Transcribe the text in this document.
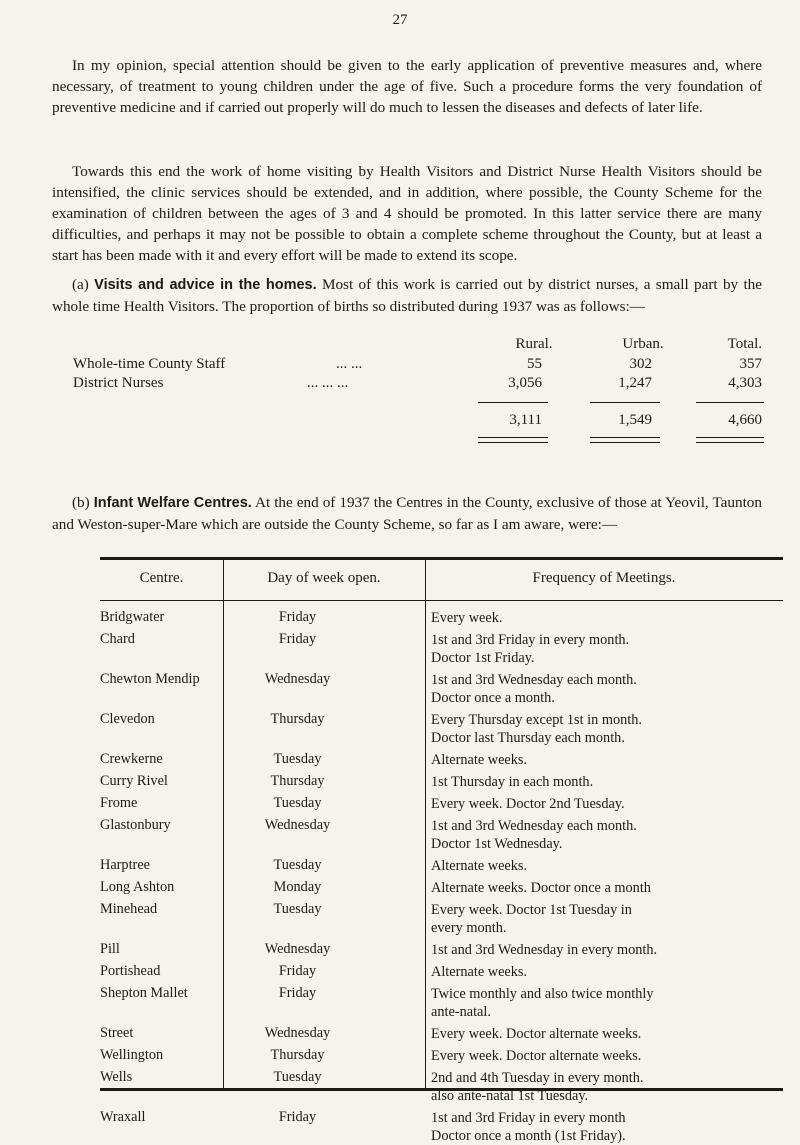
27

In my opinion, special attention should be given to the early application of preventive measures and, where necessary, of treatment to young children under the age of five. Such a procedure forms the very foundation of preventive medicine and if carried out properly will do much to lessen the diseases and defects of later life.

Towards this end the work of home visiting by Health Visitors and District Nurse Health Visitors should be intensified, the clinic services should be extended, and in addition, where possible, the County Scheme for the examination of children between the ages of 3 and 4 should be promoted. In this latter service there are many difficulties, and perhaps it may not be possible to obtain a complete scheme throughout the County, but at least a start has been made with it and every effort will be made to extend its scope.

(a) Visits and advice in the homes. Most of this work is carried out by district nurses, a small part by the whole time Health Visitors. The proportion of births so distributed during 1937 was as follows:—

Rural.	Urban.	Total.
Whole-time County Staff	... ...	55	302	357
District Nurses	... ... ...	3,056	1,247	4,303
3,111	1,549	4,660

(b) Infant Welfare Centres. At the end of 1937 the Centres in the County, exclusive of those at Yeovil, Taunton and Weston-super-Mare which are outside the County Scheme, so far as I am aware, were:—

Centre.	Day of week open.	Frequency of Meetings.
Bridgwater	Friday	Every week.
Chard	Friday	1st and 3rd Friday in every month.
Doctor 1st Friday.
Chewton Mendip	Wednesday	1st and 3rd Wednesday each month.
Doctor once a month.
Clevedon	Thursday	Every Thursday except 1st in month.
Doctor last Thursday each month.
Crewkerne	Tuesday	Alternate weeks.
Curry Rivel	Thursday	1st Thursday in each month.
Frome	Tuesday	Every week. Doctor 2nd Tuesday.
Glastonbury	Wednesday	1st and 3rd Wednesday each month.
Doctor 1st Wednesday.
Harptree	Tuesday	Alternate weeks.
Long Ashton	Monday	Alternate weeks. Doctor once a month
Minehead	Tuesday	Every week. Doctor 1st Tuesday in
every month.
Pill	Wednesday	1st and 3rd Wednesday in every month.
Portishead	Friday	Alternate weeks.
Shepton Mallet	Friday	Twice monthly and also twice monthly
ante-natal.
Street	Wednesday	Every week. Doctor alternate weeks.
Wellington	Thursday	Every week. Doctor alternate weeks.
Wells	Tuesday	2nd and 4th Tuesday in every month.
also ante-natal 1st Tuesday.
Wraxall	Friday	1st and 3rd Friday in every month
Doctor once a month (1st Friday).
